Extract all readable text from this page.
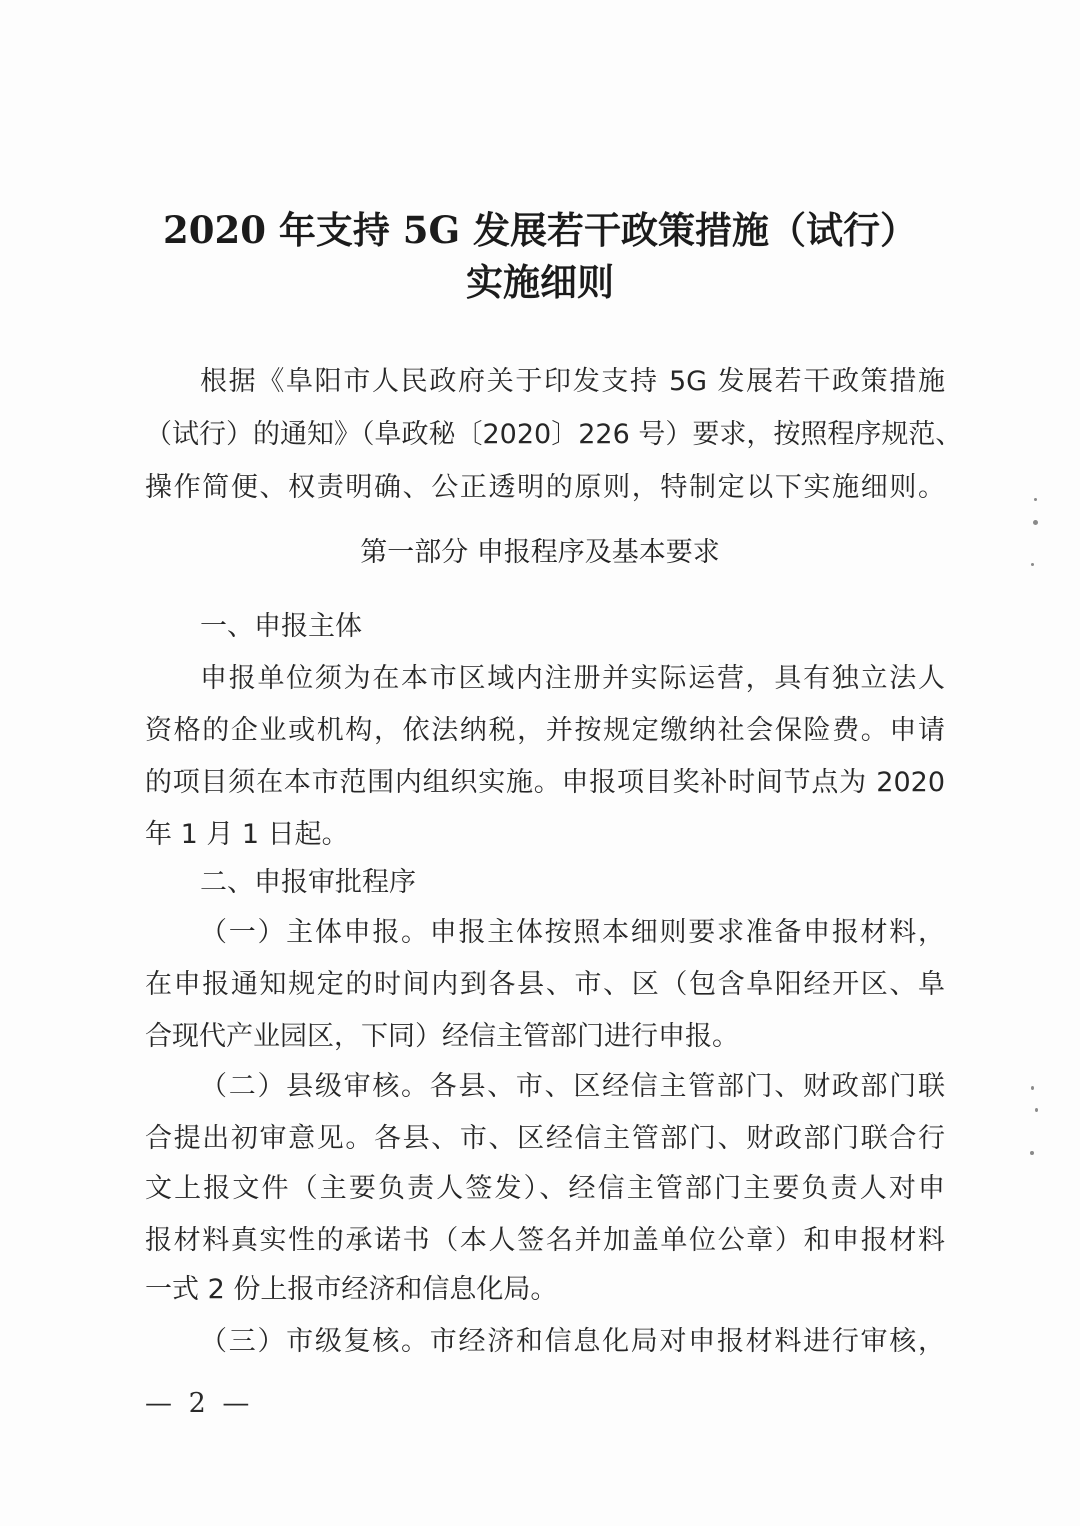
2020 年支持 5G 发展若干政策措施（试行）
实施细则
根据《阜阳市人民政府关于印发支持 5G 发展若干政策措施
（试行）的通知》（阜政秘〔2020〕226 号）要求，按照程序规范、
操作简便、权责明确、公正透明的原则，特制定以下实施细则。
第一部分 申报程序及基本要求
一、申报主体
申报单位须为在本市区域内注册并实际运营，具有独立法人
资格的企业或机构，依法纳税，并按规定缴纳社会保险费。申请
的项目须在本市范围内组织实施。申报项目奖补时间节点为 2020
年 1 月 1 日起。
二、申报审批程序
（一）主体申报。申报主体按照本细则要求准备申报材料，
在申报通知规定的时间内到各县、市、区（包含阜阳经开区、阜
合现代产业园区，下同）经信主管部门进行申报。
（二）县级审核。各县、市、区经信主管部门、财政部门联
合提出初审意见。各县、市、区经信主管部门、财政部门联合行
文上报文件（主要负责人签发）、经信主管部门主要负责人对申
报材料真实性的承诺书（本人签名并加盖单位公章）和申报材料
一式 2 份上报市经济和信息化局。
（三）市级复核。市经济和信息化局对申报材料进行审核，
— 2 —
